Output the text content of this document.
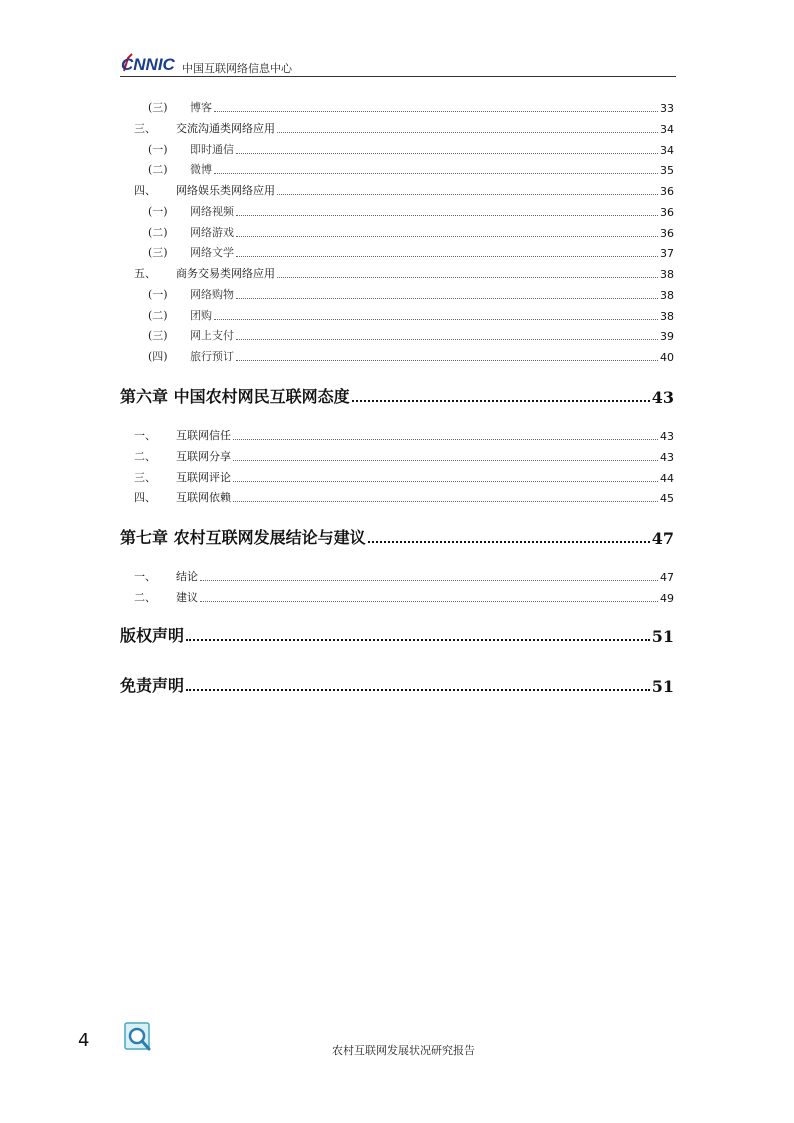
CNNIC 中国互联网络信息中心
(三)	博客	33
三、	交流沟通类网络应用	34
(一)	即时通信	34
(二)	微博	35
四、	网络娱乐类网络应用	36
(一)	网络视频	36
(二)	网络游戏	36
(三)	网络文学	37
五、	商务交易类网络应用	38
(一)	网络购物	38
(二)	团购	38
(三)	网上支付	39
(四)	旅行预订	40
第六章 中国农村网民互联网态度	43
一、	互联网信任	43
二、	互联网分享	43
三、	互联网评论	44
四、	互联网依赖	45
第七章 农村互联网发展结论与建议	47
一、	结论	47
二、	建议	49
版权声明	51
免责声明	51
4	农村互联网发展状况研究报告
